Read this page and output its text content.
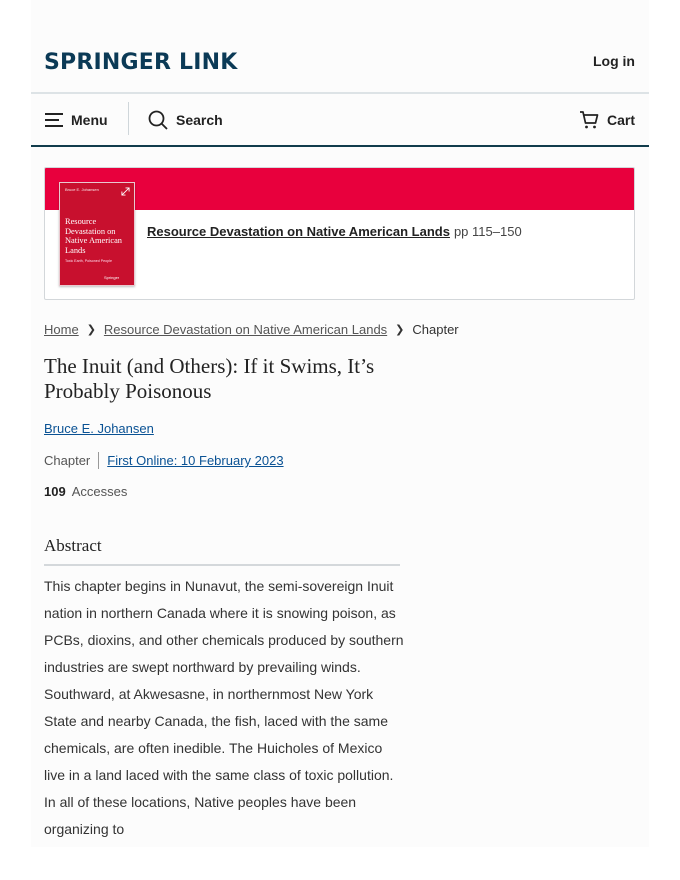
SPRINGER LINK	Log in
Menu	Search	Cart
Bruce E. Johansen
Resource Devastation on Native American Lands
Toxic Earth, Poisoned People
Springer
Resource Devastation on Native American Lands pp 115–150
Home ❯ Resource Devastation on Native American Lands ❯ Chapter
The Inuit (and Others): If it Swims, It’s Probably Poisonous
Bruce E. Johansen
Chapter First Online: 10 February 2023
109 Accesses
Abstract
This chapter begins in Nunavut, the semi-sovereign Inuit nation in northern Canada where it is snowing poison, as PCBs, dioxins, and other chemicals produced by southern industries are swept northward by prevailing winds. Southward, at Akwesasne, in northernmost New York State and nearby Canada, the fish, laced with the same chemicals, are often inedible. The Huicholes of Mexico live in a land laced with the same class of toxic pollution. In all of these locations, Native peoples have been organizing to
